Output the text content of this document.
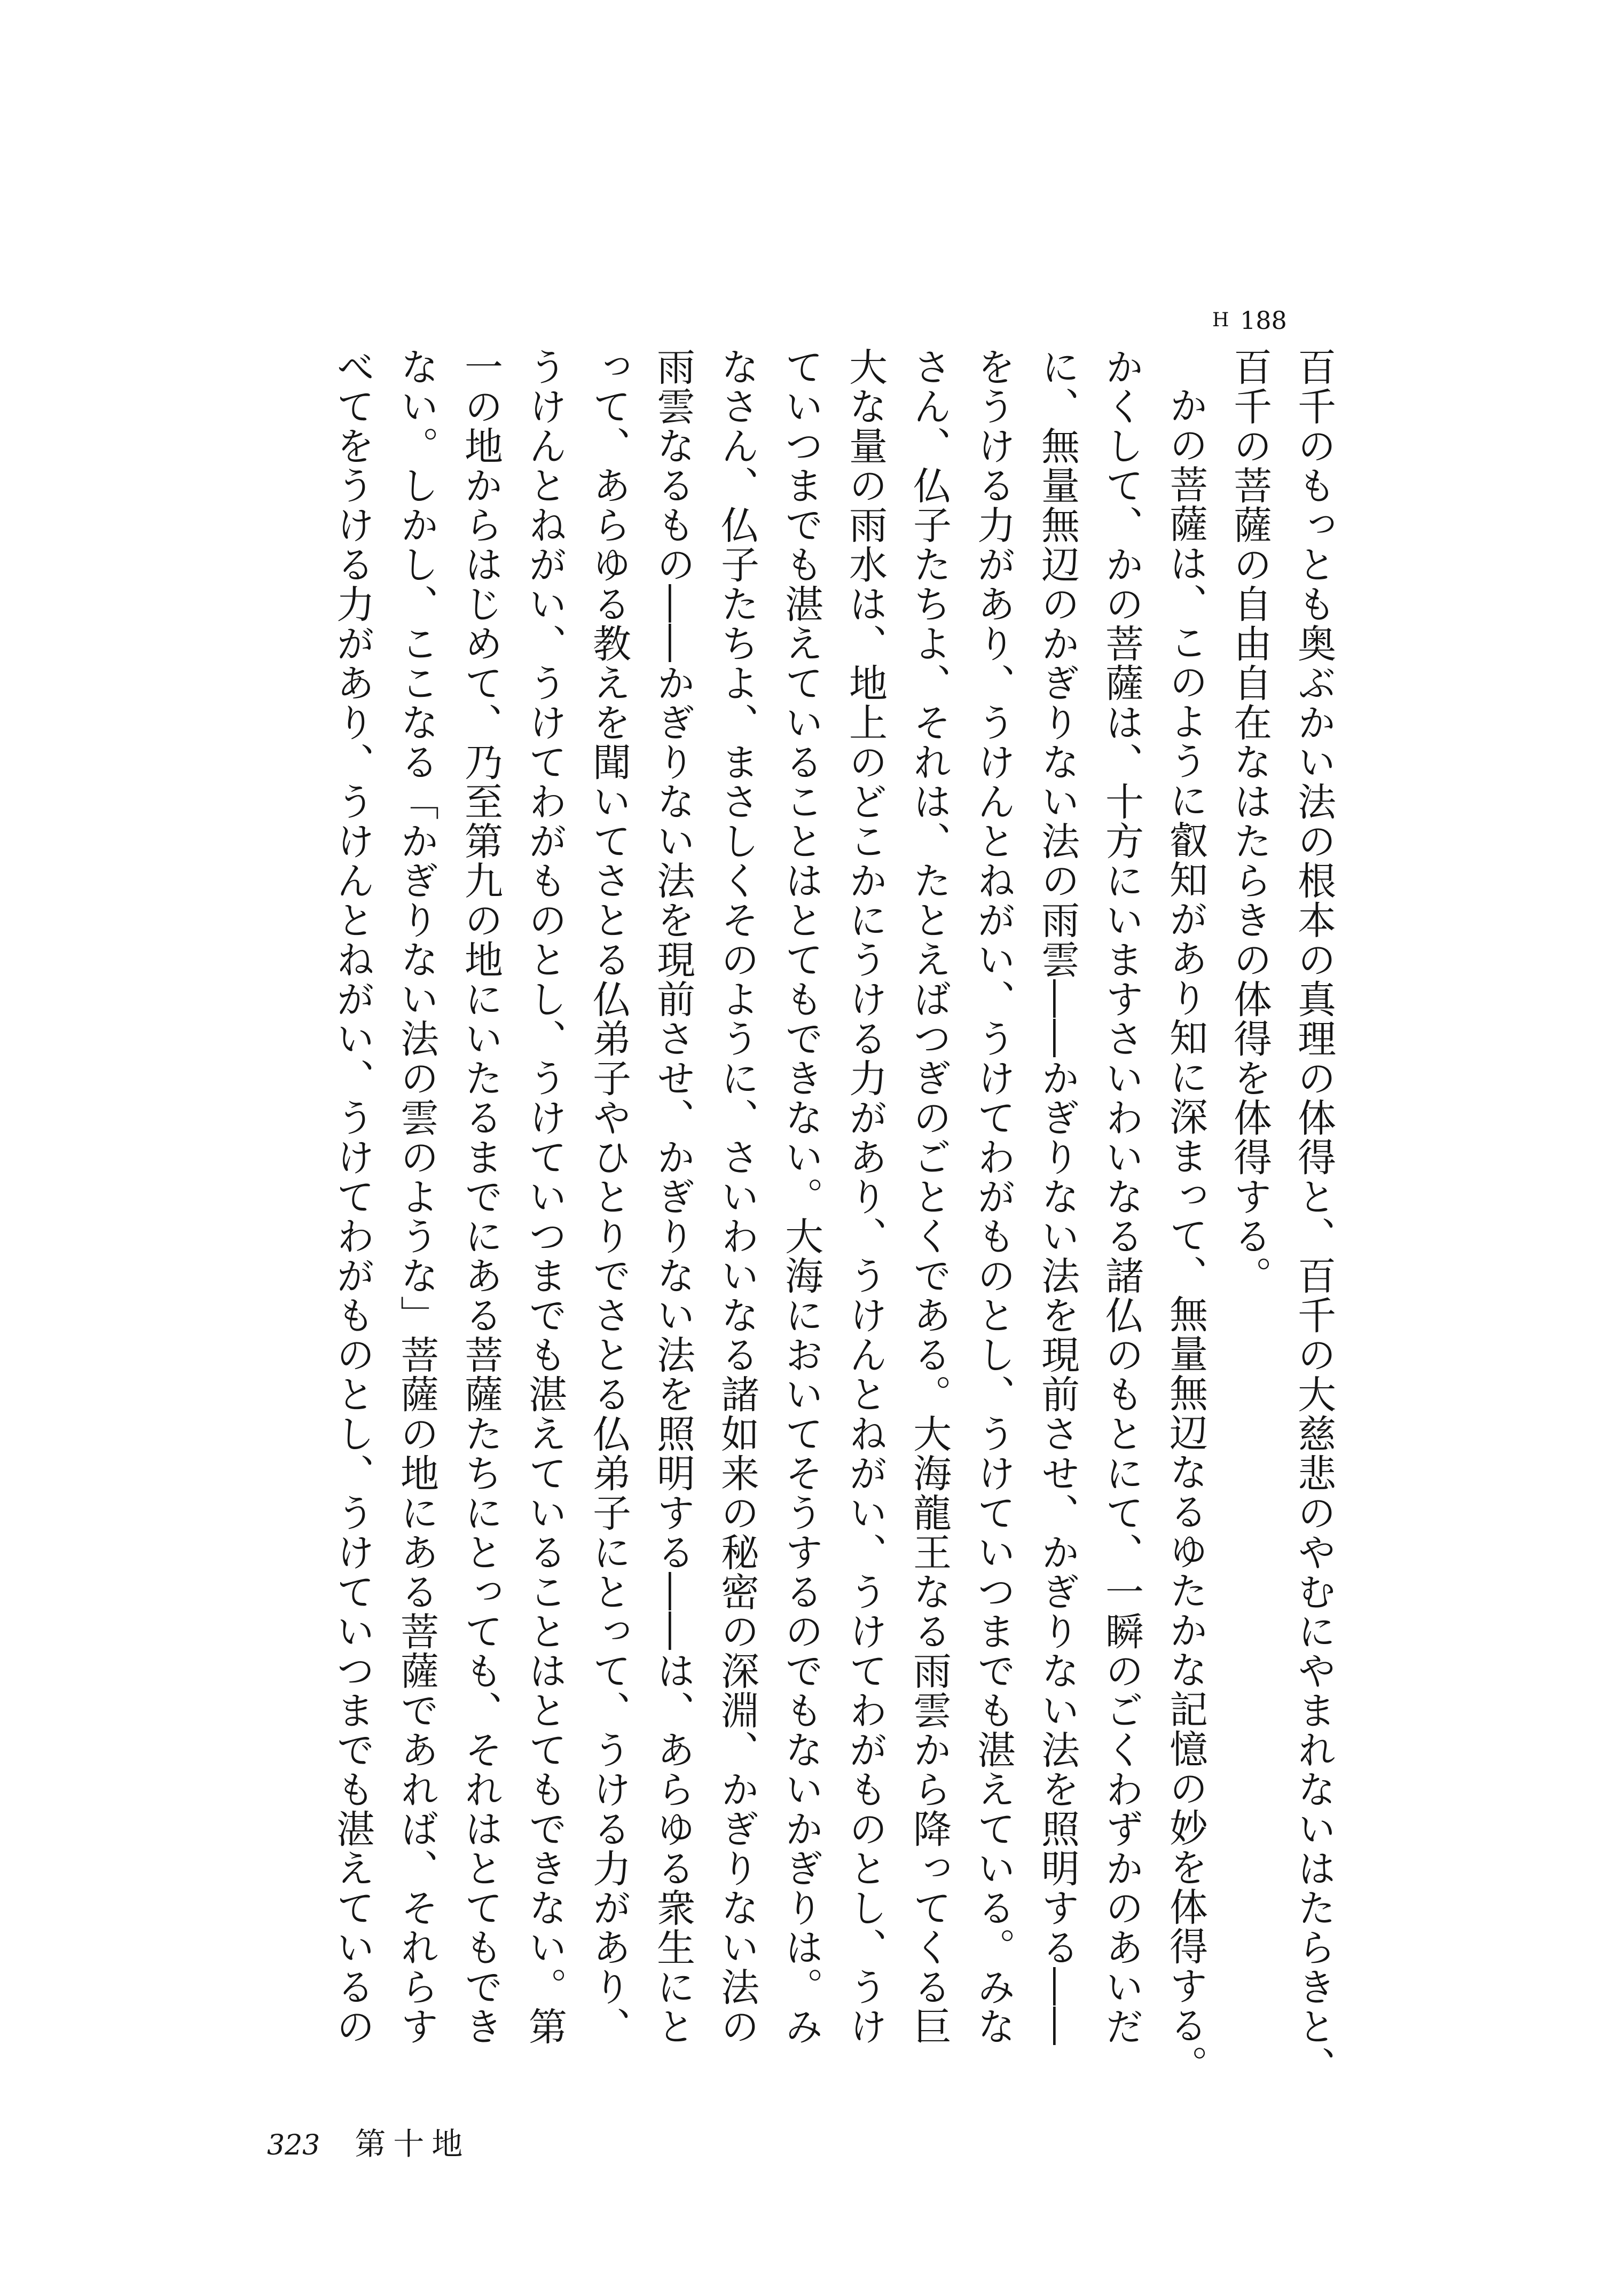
H 188

百千のもっとも奥ぶかい法の根本の真理の体得と、百千の大慈悲のやむにやまれないはたらきと、

百千の菩薩の自由自在なはたらきの体得を体得する。

かの菩薩は、このように叡知があり知に深まって、無量無辺なるゆたかな記憶の妙を体得する。

かくして、かの菩薩は、十方にいますさいわいなる諸仏のもとにて、一瞬のごくわずかのあいだ

に、無量無辺のかぎりない法の雨雲――かぎりない法を現前させ、かぎりない法を照明する――

をうける力があり、うけんとねがい、うけてわがものとし、うけていつまでも湛えている。みな

さん、仏子たちよ、それは、たとえばつぎのごとくである。大海龍王なる雨雲から降ってくる巨

大な量の雨水は、地上のどこかにうける力があり、うけんとねがい、うけてわがものとし、うけ

ていつまでも湛えていることはとてもできない。大海においてそうするのでもないかぎりは。み

なさん、仏子たちよ、まさしくそのように、さいわいなる諸如来の秘密の深淵、かぎりない法の

雨雲なるもの――かぎりない法を現前させ、かぎりない法を照明する――は、あらゆる衆生にと

って、あらゆる教えを聞いてさとる仏弟子やひとりでさとる仏弟子にとって、うける力があり、

うけんとねがい、うけてわがものとし、うけていつまでも湛えていることはとてもできない。第

一の地からはじめて、乃至第九の地にいたるまでにある菩薩たちにとっても、それはとてもでき

ない。しかし、ここなる「かぎりない法の雲のような」菩薩の地にある菩薩であれば、それらす

べてをうける力があり、うけんとねがい、うけてわがものとし、うけていつまでも湛えているの

323 第十地
